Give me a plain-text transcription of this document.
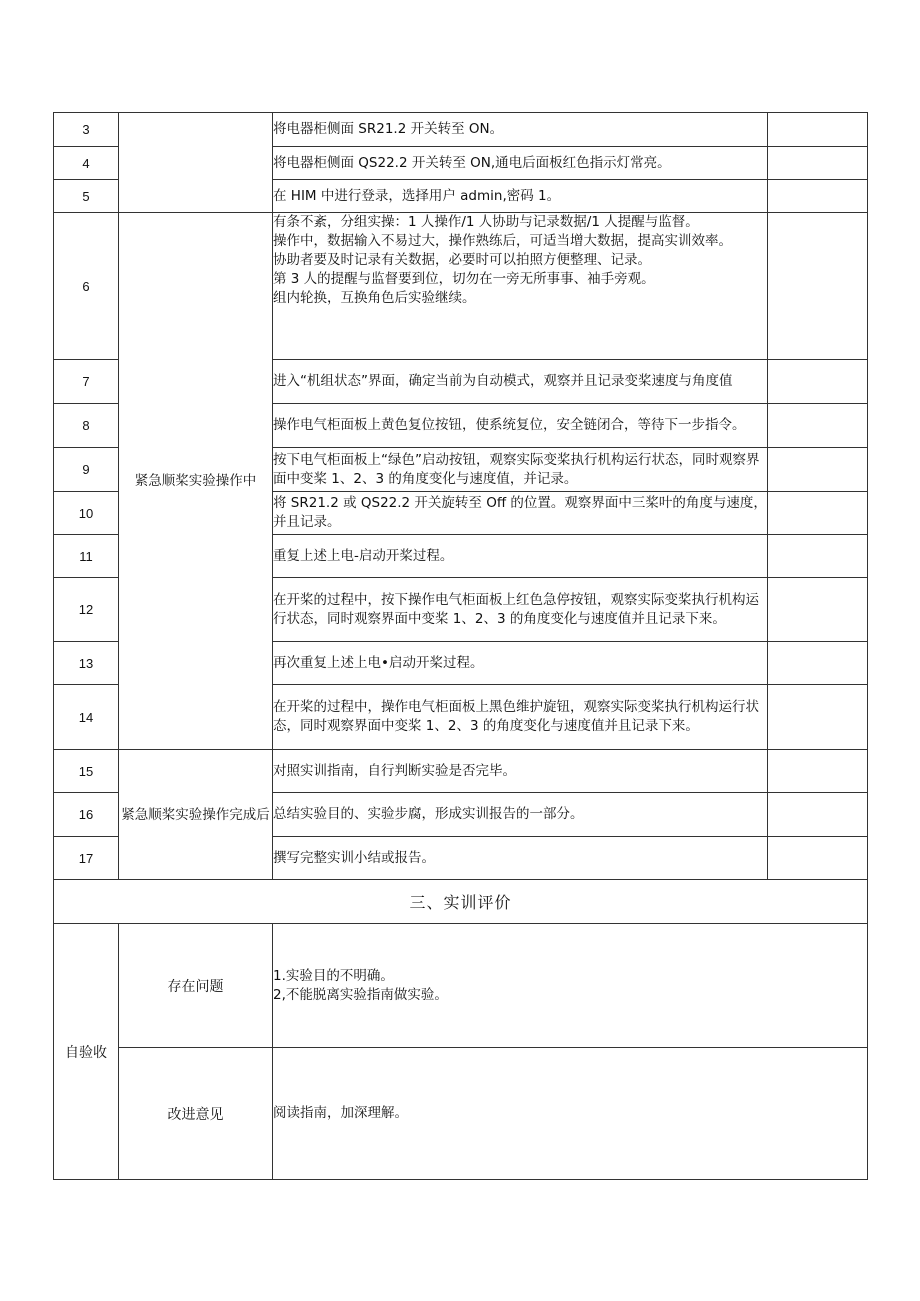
3		将电器柜侧面 SR21.2 开关转至 ON。	

4		将电器柜侧面 QS22.2 开关转至 ON,通电后面板红色指示灯常亮。	

5		在 HIM 中进行登录，选择用户 admin,密码 1。	

6	紧急顺桨实验操作中	有条不紊，分组实操：1 人操作/1 人协助与记录数据/1 人提醒与监督。
操作中，数据输入不易过大，操作熟练后，可适当增大数据，提高实训效率。
协助者要及时记录有关数据，必要时可以拍照方便整理、记录。
第 3 人的提醒与监督要到位，切勿在一旁无所事事、袖手旁观。
组内轮换，互换角色后实验继续。	

7		进入“机组状态”界面，确定当前为自动模式，观察并且记录变桨速度与角度值	

8		操作电气柜面板上黄色复位按钮，使系统复位，安全链闭合，等待下一步指令。	

9		按下电气柜面板上“绿色”启动按钮，观察实际变桨执行机构运行状态，同时观察界面中变桨 1、2、3 的角度变化与速度值，并记录。	

10		将 SR21.2 或 QS22.2 开关旋转至 Off 的位置。观察界面中三桨叶的角度与速度，并且记录。	

11		重复上述上电-启动开桨过程。	

12		在开桨的过程中，按下操作电气柜面板上红色急停按钮，观察实际变桨执行机构运行状态，同时观察界面中变桨 1、2、3 的角度变化与速度值并且记录下来。	

13		再次重复上述上电•启动开桨过程。	

14		在开桨的过程中，操作电气柜面板上黑色维护旋钮，观察实际变桨执行机构运行状态，同时观察界面中变桨 1、2、3 的角度变化与速度值并且记录下来。	

15	紧急顺桨实验操作完成后	对照实训指南，自行判断实验是否完毕。	

16		总结实验目的、实验步腐，形成实训报告的一部分。	

17		撰写完整实训小结或报告。	

三、实训评价			
自验收	存在问题	1.实验目的不明确。
2,不能脱离实验指南做实验。	

	改进意见	阅读指南，加深理解。	
